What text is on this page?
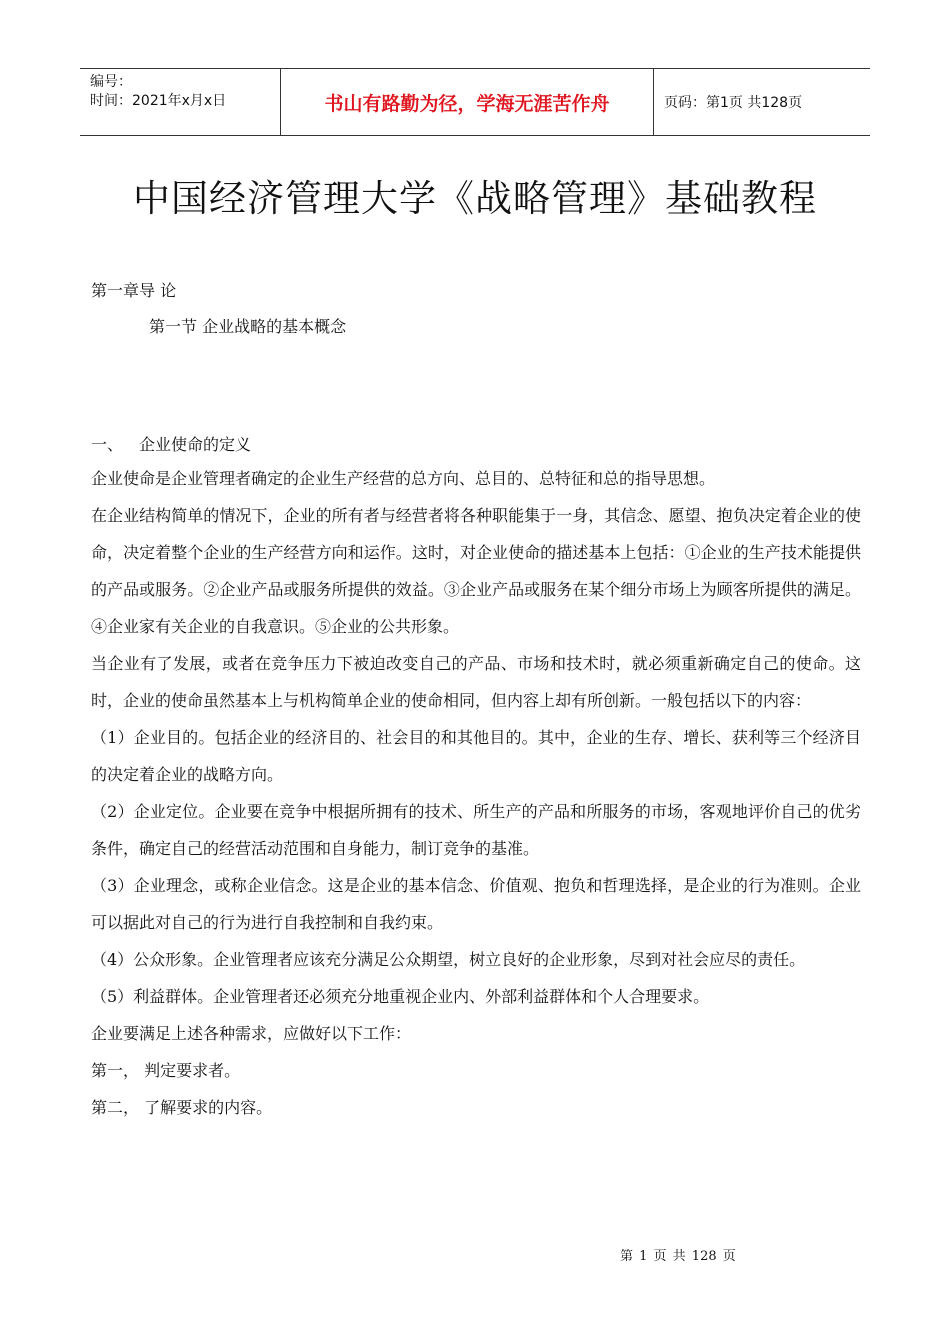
编号：
时间：2021年x月x日	书山有路勤为径，学海无涯苦作舟	页码：第1页 共128页
中国经济管理大学《战略管理》基础教程
第一章导 论
第一节 企业战略的基本概念
一、 企业使命的定义

企业使命是企业管理者确定的企业生产经营的总方向、总目的、总特征和总的指导思想。

在企业结构简单的情况下，企业的所有者与经营者将各种职能集于一身，其信念、愿望、抱负决定着企业的使命，决定着整个企业的生产经营方向和运作。这时，对企业使命的描述基本上包括：①企业的生产技术能提供的产品或服务。②企业产品或服务所提供的效益。③企业产品或服务在某个细分市场上为顾客所提供的满足。④企业家有关企业的自我意识。⑤企业的公共形象。

当企业有了发展，或者在竞争压力下被迫改变自己的产品、市场和技术时，就必须重新确定自己的使命。这时，企业的使命虽然基本上与机构简单企业的使命相同，但内容上却有所创新。一般包括以下的内容：

（1）企业目的。包括企业的经济目的、社会目的和其他目的。其中，企业的生存、增长、获利等三个经济目的决定着企业的战略方向。

（2）企业定位。企业要在竞争中根据所拥有的技术、所生产的产品和所服务的市场，客观地评价自己的优劣条件，确定自己的经营活动范围和自身能力，制订竞争的基准。

（3）企业理念，或称企业信念。这是企业的基本信念、价值观、抱负和哲理选择，是企业的行为准则。企业可以据此对自己的行为进行自我控制和自我约束。

（4）公众形象。企业管理者应该充分满足公众期望，树立良好的企业形象，尽到对社会应尽的责任。

（5）利益群体。企业管理者还必须充分地重视企业内、外部利益群体和个人合理要求。

企业要满足上述各种需求，应做好以下工作：

第一， 判定要求者。

第二， 了解要求的内容。

第 1 页 共 128 页
